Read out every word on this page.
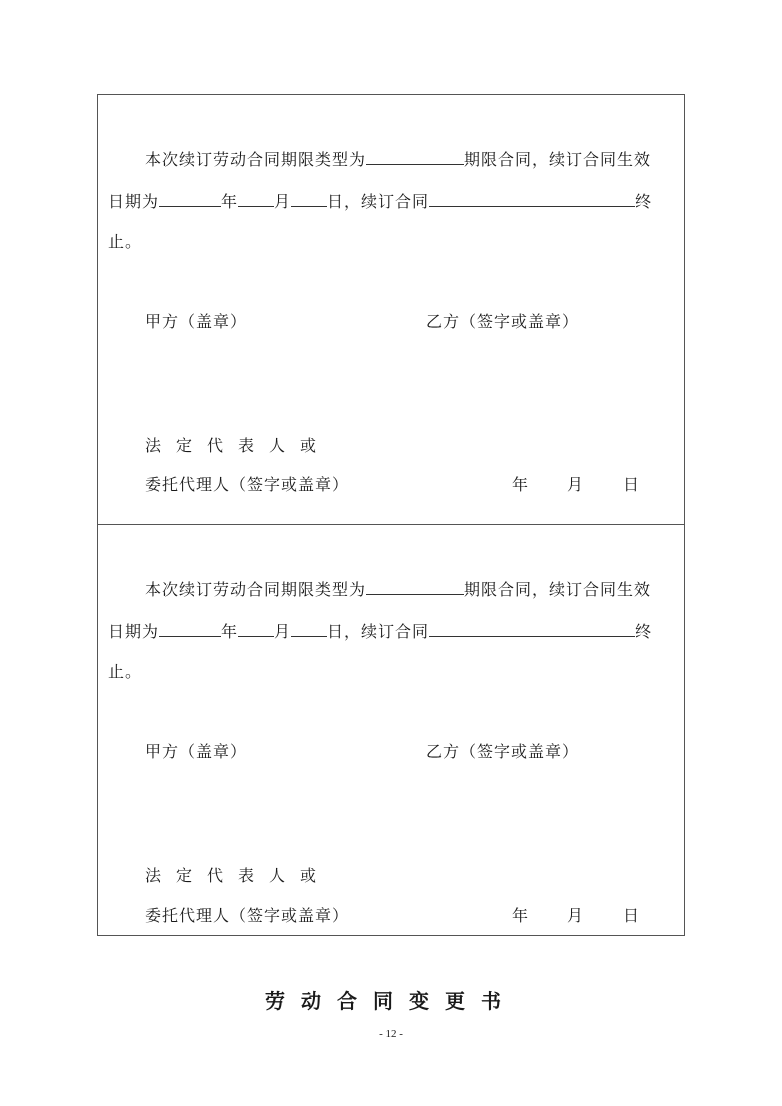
本次续订劳动合同期限类型为	期限合同，续订合同生效
日期为	年 月 日，续订合同	终
止。
甲方（盖章）	乙方（签字或盖章）
法定代表人或
委托代理人（签字或盖章）	年 月 日
本次续订劳动合同期限类型为	期限合同，续订合同生效
日期为	年 月 日，续订合同	终
止。
甲方（盖章）	乙方（签字或盖章）
法定代表人或
委托代理人（签字或盖章）	年 月 日
劳动合同变更书
- 12 -
